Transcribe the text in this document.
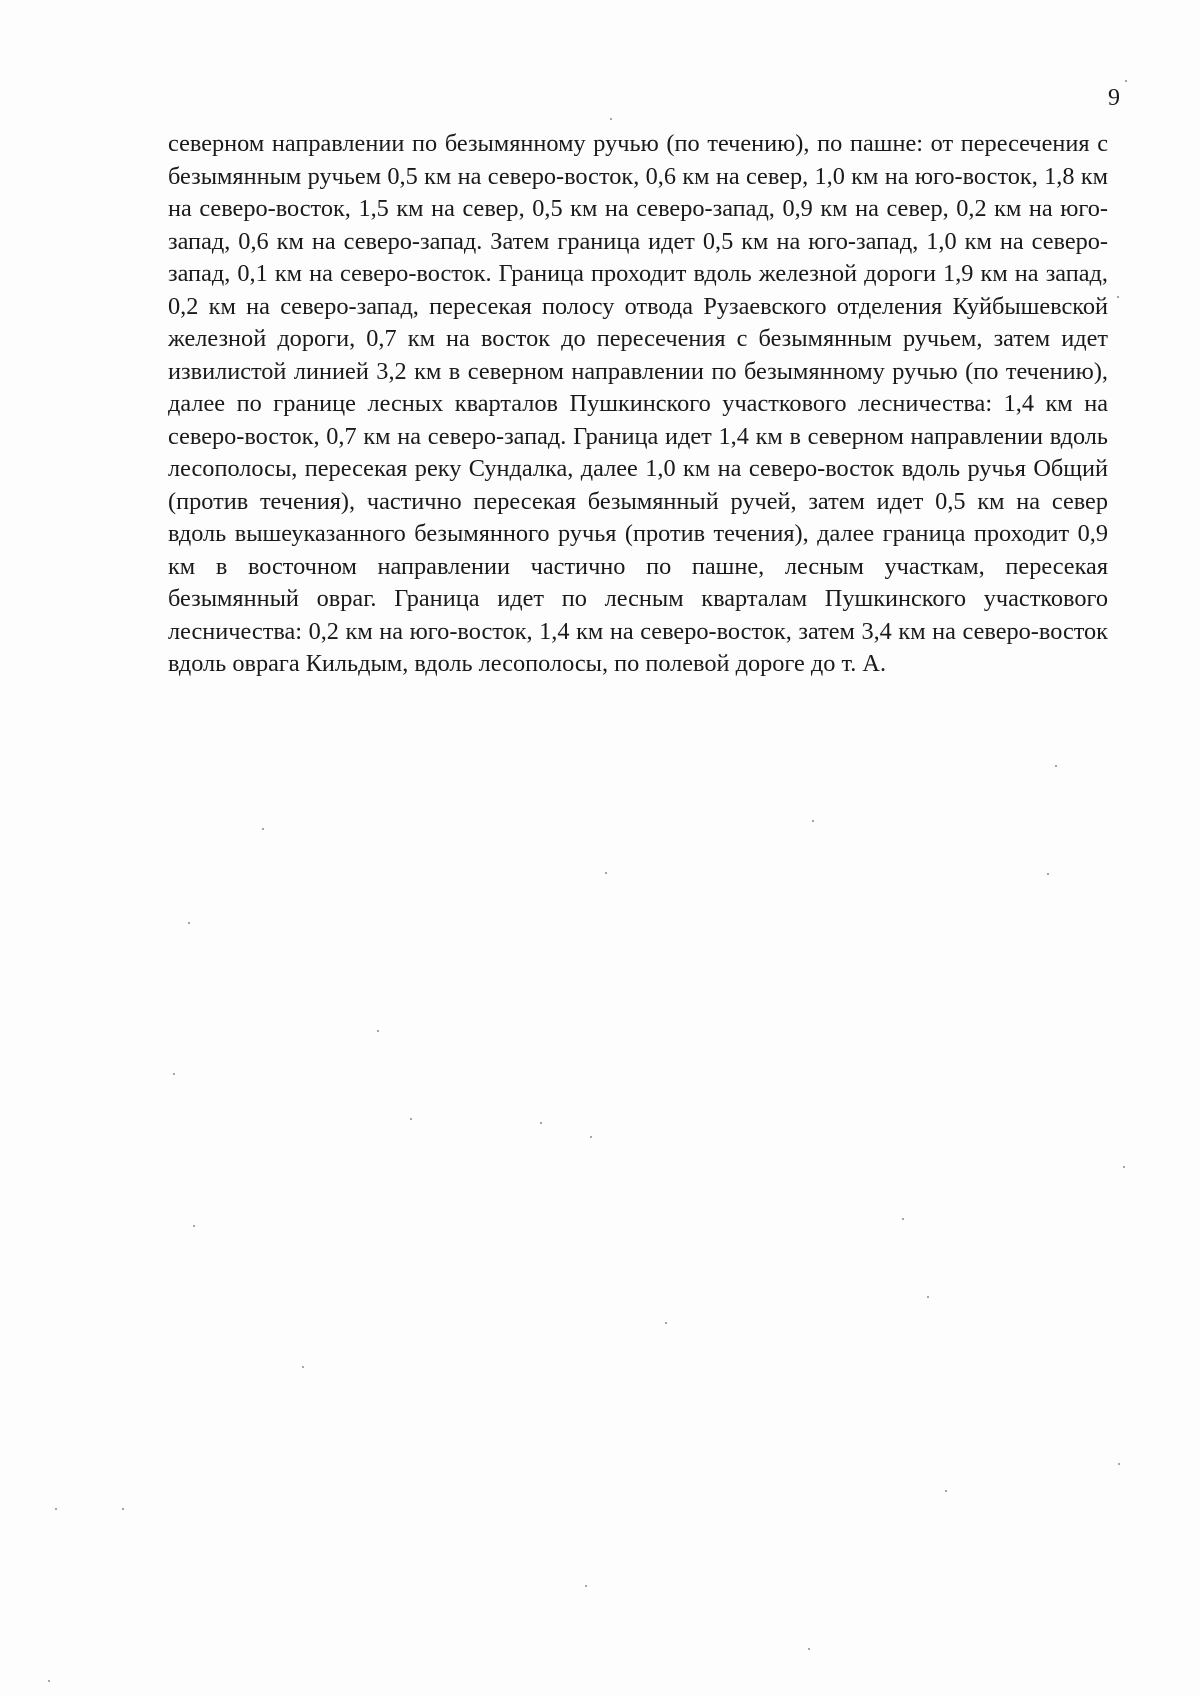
9

северном направлении по безымянному ручью (по течению), по пашне: от пересечения с безымянным ручьем 0,5 км на северо-восток, 0,6 км на север, 1,0 км на юго-восток, 1,8 км на северо-восток, 1,5 км на север, 0,5 км на северо-запад, 0,9 км на север, 0,2 км на юго-запад, 0,6 км на северо-запад. Затем граница идет 0,5 км на юго-запад, 1,0 км на северо-запад, 0,1 км на северо-восток. Граница проходит вдоль железной дороги 1,9 км на запад, 0,2 км на северо-запад, пересекая полосу отвода Рузаевского отделения Куйбышевской железной дороги, 0,7 км на восток до пересечения с безымянным ручьем, затем идет извилистой линией 3,2 км в северном направлении по безымянному ручью (по течению), далее по границе лесных кварталов Пушкинского участкового лесничества: 1,4 км на северо-восток, 0,7 км на северо-запад. Граница идет 1,4 км в северном направлении вдоль лесополосы, пересекая реку Сундалка, далее 1,0 км на северо-восток вдоль ручья Общий (против течения), частично пересекая безымянный ручей, затем идет 0,5 км на север вдоль вышеуказанного безымянного ручья (против течения), далее граница проходит 0,9 км в восточном направлении частично по пашне, лесным участкам, пересекая безымянный овраг. Граница идет по лесным кварталам Пушкинского участкового лесничества: 0,2 км на юго-восток, 1,4 км на северо-восток, затем 3,4 км на северо-восток вдоль оврага Кильдым, вдоль лесополосы, по полевой дороге до т. А.
